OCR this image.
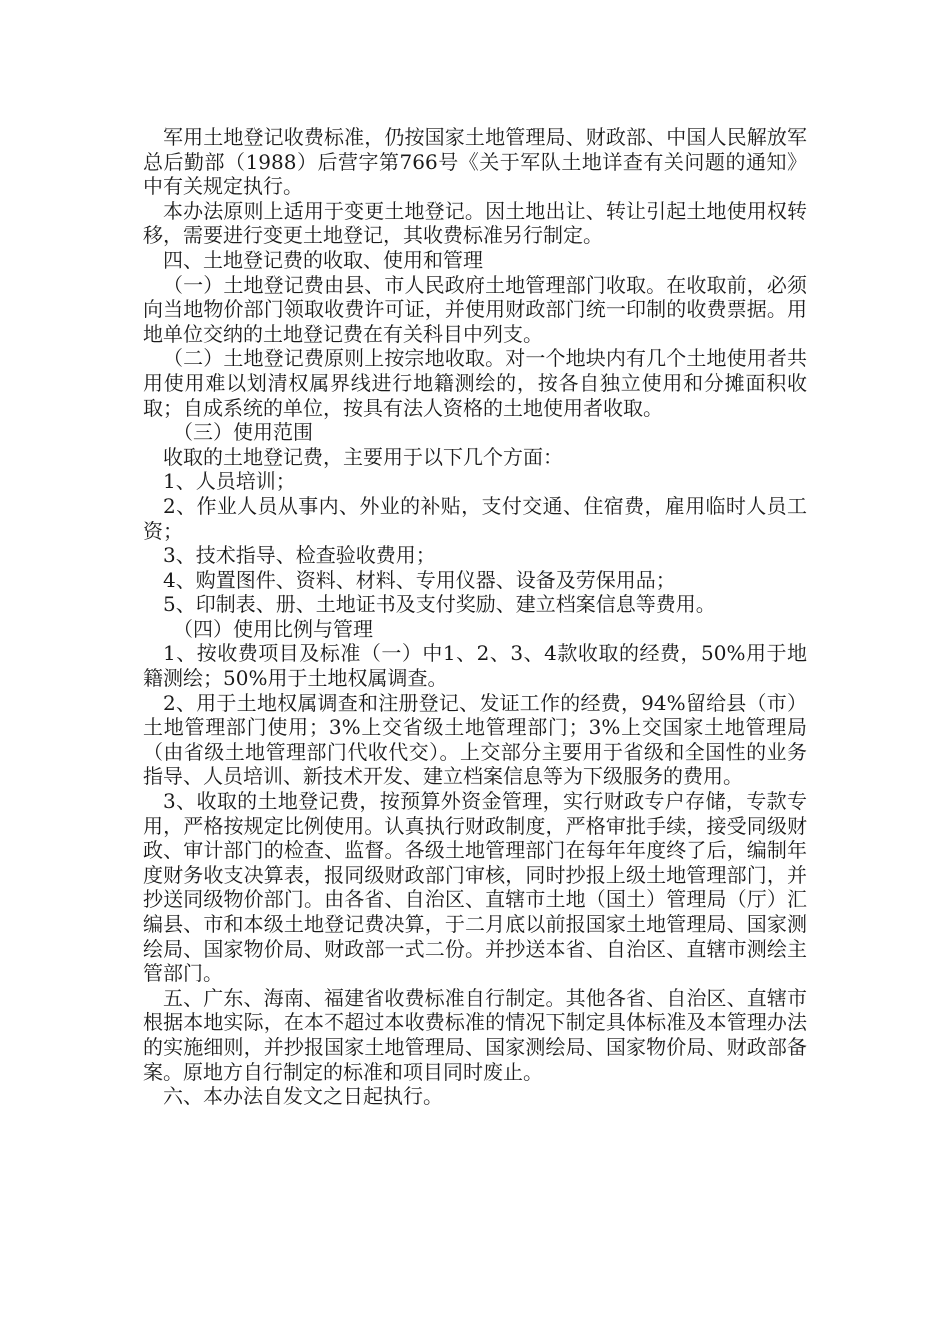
军用土地登记收费标准，仍按国家土地管理局、财政部、中国人民解放军总后勤部（1988）后营字第766号《关于军队土地详查有关问题的通知》中有关规定执行。

本办法原则上适用于变更土地登记。因土地出让、转让引起土地使用权转移，需要进行变更土地登记，其收费标准另行制定。

四、土地登记费的收取、使用和管理

（一）土地登记费由县、市人民政府土地管理部门收取。在收取前，必须向当地物价部门领取收费许可证，并使用财政部门统一印制的收费票据。用地单位交纳的土地登记费在有关科目中列支。

（二）土地登记费原则上按宗地收取。对一个地块内有几个土地使用者共用使用难以划清权属界线进行地籍测绘的，按各自独立使用和分摊面积收取；自成系统的单位，按具有法人资格的土地使用者收取。

（三）使用范围

收取的土地登记费，主要用于以下几个方面：

1、人员培训；

2、作业人员从事内、外业的补贴，支付交通、住宿费，雇用临时人员工资；

3、技术指导、检查验收费用；

4、购置图件、资料、材料、专用仪器、设备及劳保用品；

5、印制表、册、土地证书及支付奖励、建立档案信息等费用。

（四）使用比例与管理

1、按收费项目及标准（一）中1、2、3、4款收取的经费，50%用于地籍测绘；50%用于土地权属调查。

2、用于土地权属调查和注册登记、发证工作的经费，94%留给县（市）土地管理部门使用；3%上交省级土地管理部门；3%上交国家土地管理局（由省级土地管理部门代收代交）。上交部分主要用于省级和全国性的业务指导、人员培训、新技术开发、建立档案信息等为下级服务的费用。

3、收取的土地登记费，按预算外资金管理，实行财政专户存储，专款专用，严格按规定比例使用。认真执行财政制度，严格审批手续，接受同级财政、审计部门的检查、监督。各级土地管理部门在每年年度终了后，编制年度财务收支决算表，报同级财政部门审核，同时抄报上级土地管理部门，并抄送同级物价部门。由各省、自治区、直辖市土地（国土）管理局（厅）汇编县、市和本级土地登记费决算，于二月底以前报国家土地管理局、国家测绘局、国家物价局、财政部一式二份。并抄送本省、自治区、直辖市测绘主管部门。

五、广东、海南、福建省收费标准自行制定。其他各省、自治区、直辖市根据本地实际，在本不超过本收费标准的情况下制定具体标准及本管理办法的实施细则，并抄报国家土地管理局、国家测绘局、国家物价局、财政部备案。原地方自行制定的标准和项目同时废止。

六、本办法自发文之日起执行。
